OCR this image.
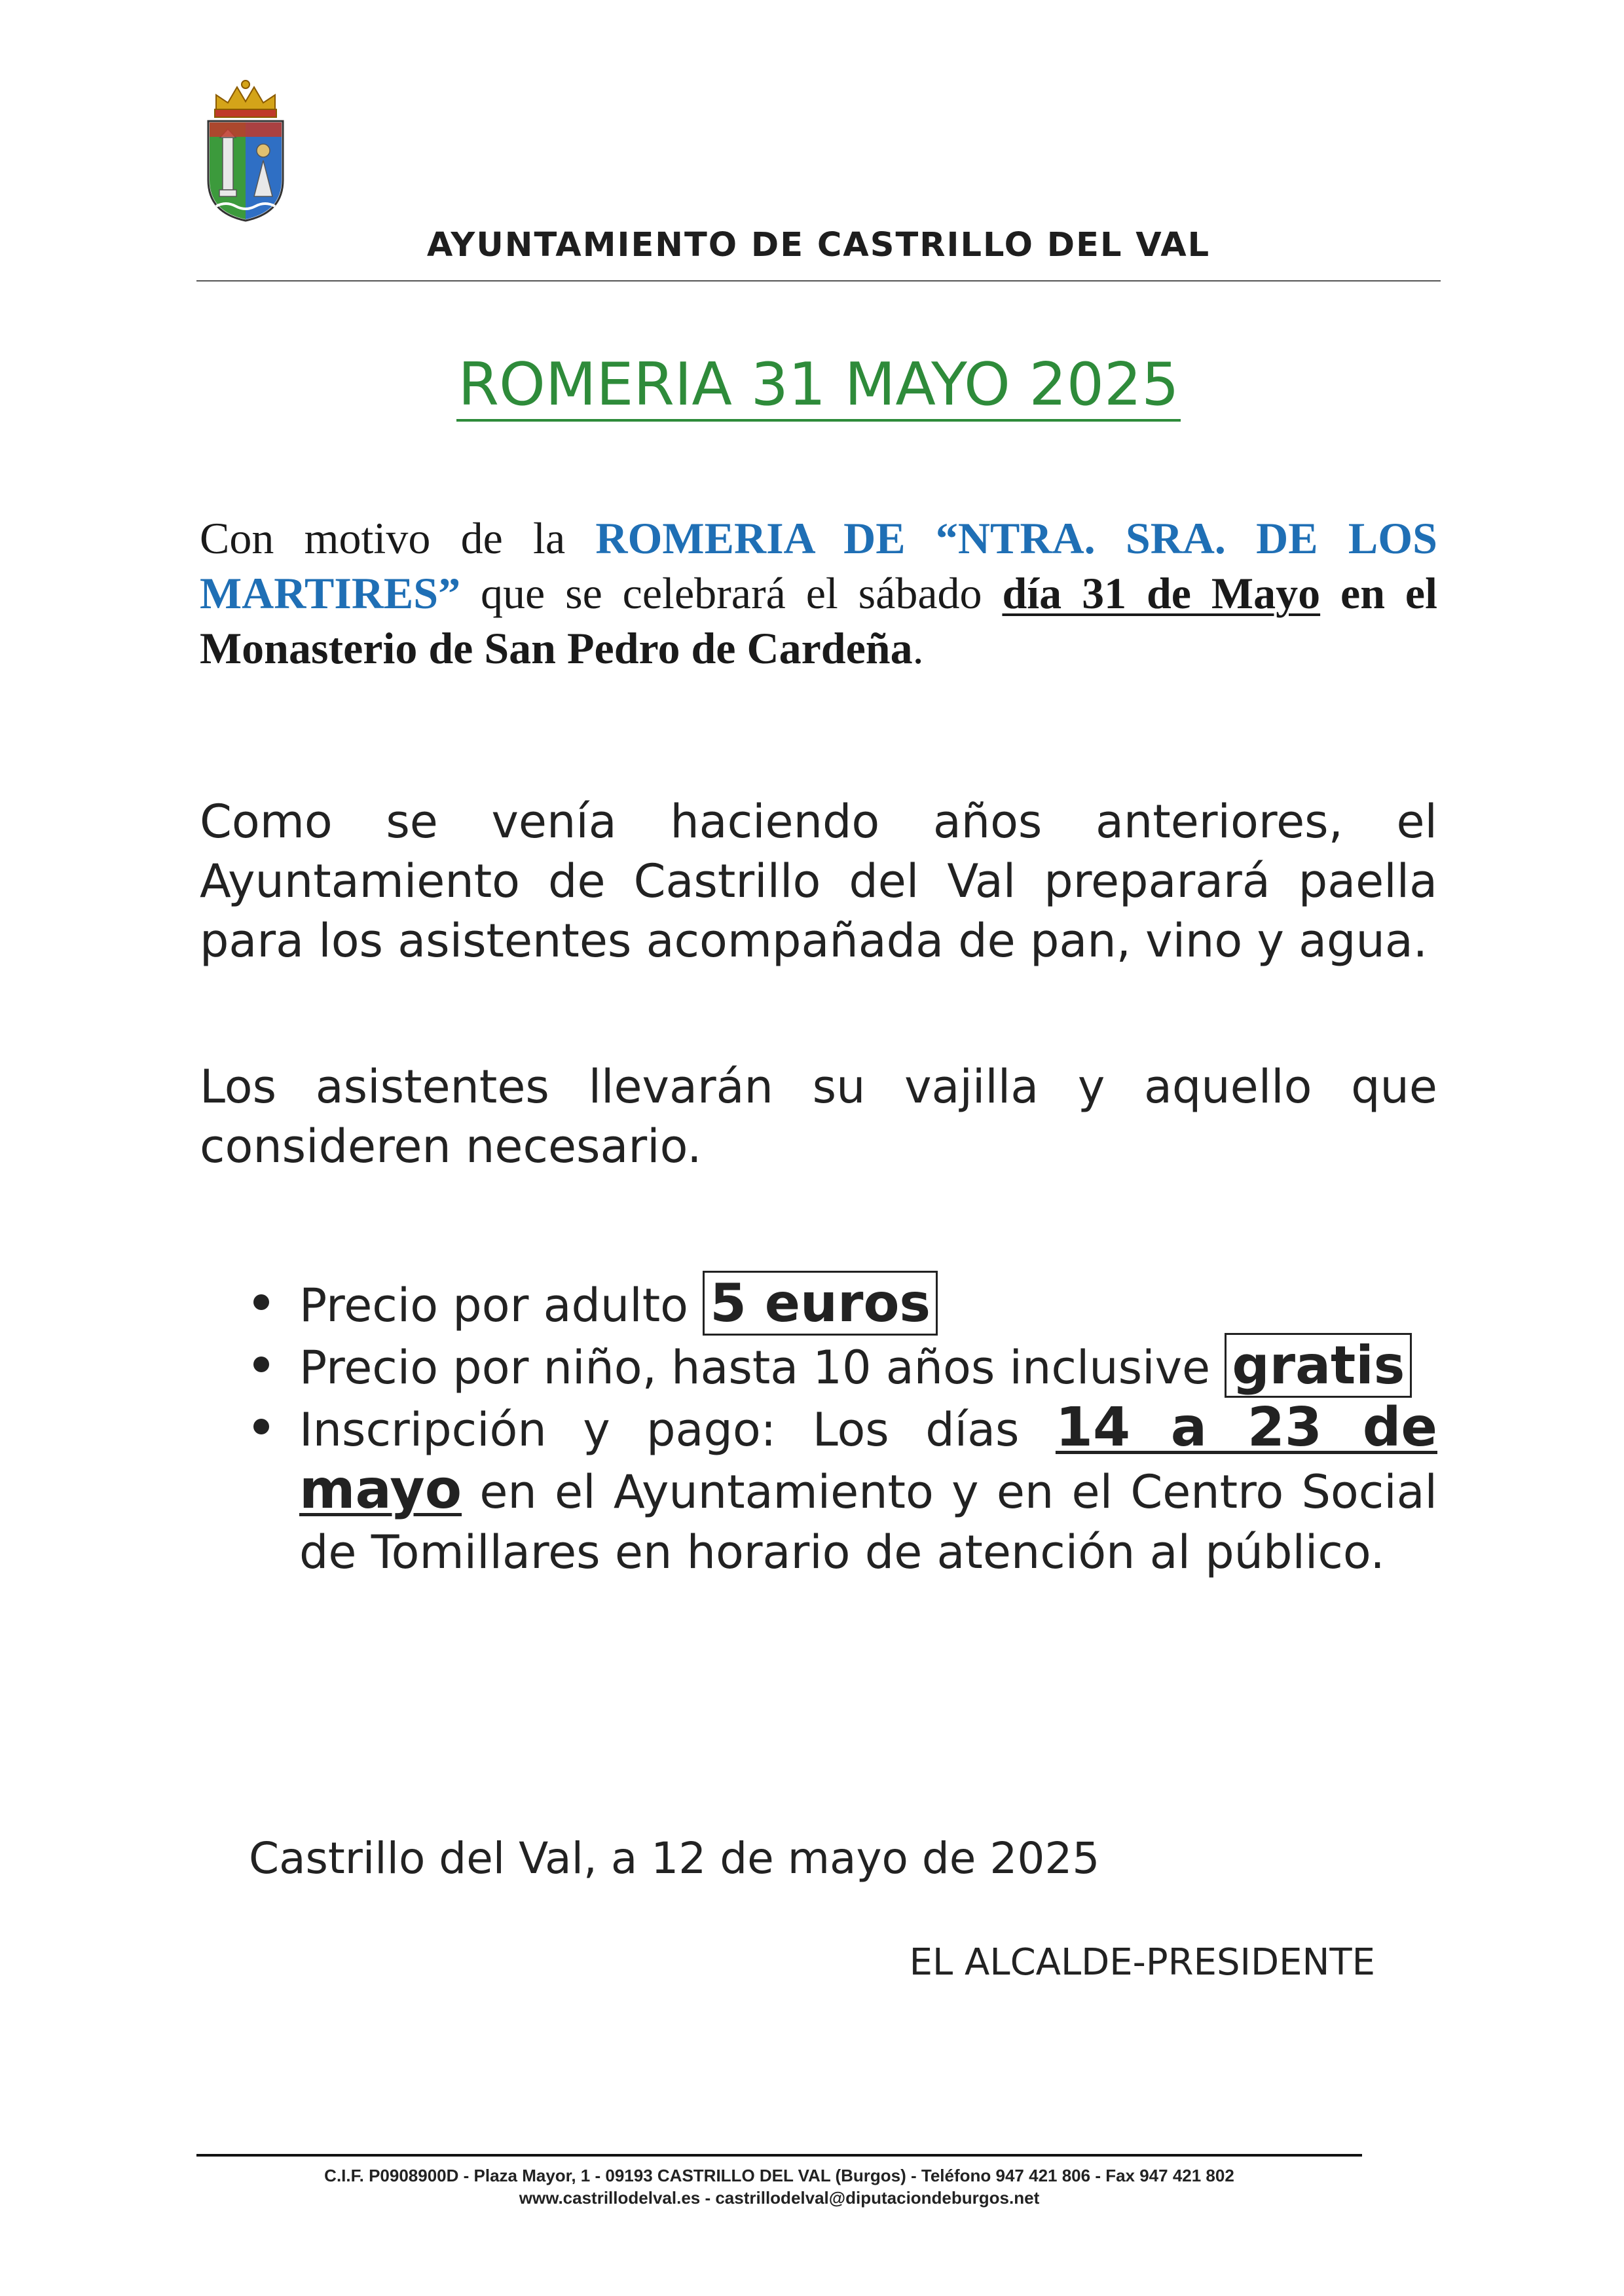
AYUNTAMIENTO DE CASTRILLO DEL VAL
ROMERIA 31 MAYO 2025
Con motivo de la ROMERIA DE “NTRA. SRA. DE LOS MARTIRES” que se celebrará el sábado día 31 de Mayo en el Monasterio de San Pedro de Cardeña.
Como se venía haciendo años anteriores, el Ayuntamiento de Castrillo del Val preparará paella para los asistentes acompañada de pan, vino y agua.
Los asistentes llevarán su vajilla y aquello que consideren necesario.
Precio por adulto 5 euros
Precio por niño, hasta 10 años inclusive gratis
Inscripción y pago: Los días 14 a 23 de mayo en el Ayuntamiento y en el Centro Social de Tomillares en horario de atención al público.
Castrillo del Val, a 12 de mayo de 2025
EL ALCALDE-PRESIDENTE
C.I.F. P0908900D - Plaza Mayor, 1 - 09193 CASTRILLO DEL VAL (Burgos) - Teléfono 947 421 806 - Fax 947 421 802
www.castrillodelval.es - castrillodelval@diputaciondeburgos.net
